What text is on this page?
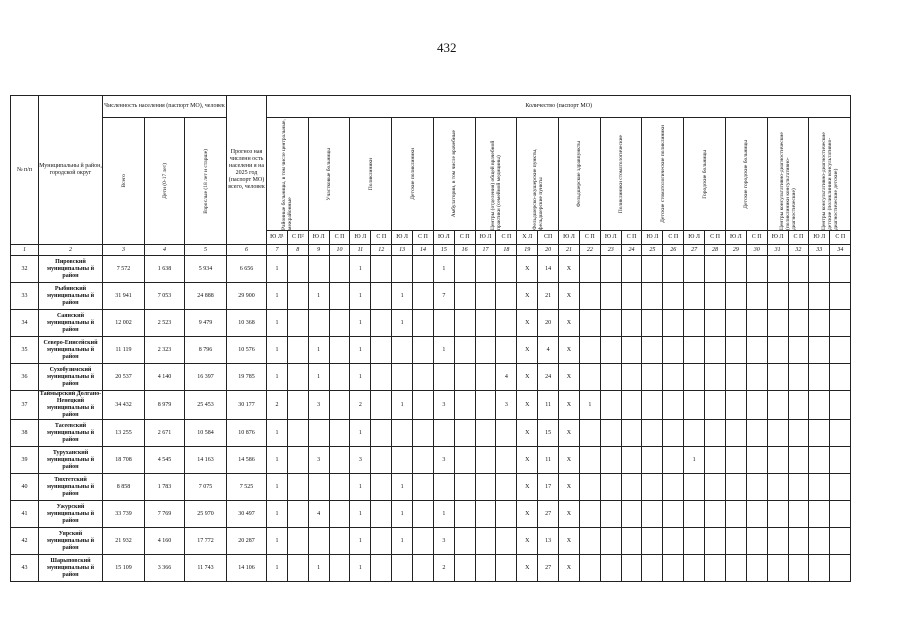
432
№ п/п	Муниципальны й район, городской округ	Численность населения (паспорт МО), человек			Прогноз ная численн ость населени я на 2025 год (паспорт МО) всего, человек	Количество (паспорт МО)																											

		Всего	Дети (0-17 лет)	Взрослые (18 лет и старше)		Районные больницы, в том числе центральные, межрайонные		Участковые больницы		Поликлиники		Детские поликлиники		Амбулатории, в том числе врачебные		Центры (отделения) общей врачебной практики (семейной медицины)		Фельдшерско-акушерские пункты, фельдшерские пункты		Фельдшерские здравпункты		Поликлиники стоматологические		Детские стоматологические поликлиники		Городские больницы		Детские городские больницы		Центры консультативно-диагностические (поликлиники консультативно-диагностические)		Центры консультативно-диагностические детские (поликлиники консультативно-диагностические детские)	

						Ю Л¹	С П²	Ю Л	С П	Ю Л	С П	Ю Л	С П	Ю Л	С П	Ю Л	С П	Х Л	СП	Ю Л	С П	Ю Л	С П	Ю Л	С П	Ю Л	С П	Ю Л	С П	Ю Л	С П	Ю Л	С П
1	2	3	4	5	6	7	8	9	10	11	12	13	14	15	16	17	18	19	20	21	22	23	24	25	26	27	28	29	30	31	32	33	34
32	Пировский муниципальны й район	7 572	1 638	5 934	6 656	1				1				1				Х	14	Х													
33	Рыбинский муниципальны й район	31 941	7 053	24 888	29 900	1		1		1		1		7				Х	21	Х													
34	Саянский муниципальны й район	12 002	2 523	9 479	10 368	1				1		1						Х	20	Х													
35	Северо-Енисейский муниципальны й район	11 119	2 323	8 796	10 576	1		1		1				1				Х	4	Х													
36	Сухобузимский муниципальны й район	20 537	4 140	16 397	19 785	1		1		1							4	Х	24	Х													
37	Таймырский Долгано-Ненецкий муниципальны й район	34 432	8 979	25 453	30 177	2		3		2		1		3			3	Х	11	Х	1												
38	Тасеевский муниципальны й район	13 255	2 671	10 584	10 876	1				1								Х	15	Х													
39	Туруханский муниципальны й район	18 708	4 545	14 163	14 586	1		3		3				3				Х	11	Х						1							
40	Тюхтетский муниципальны й район	8 858	1 783	7 075	7 525	1				1		1						Х	17	Х													
41	Ужурский муниципальны й район	33 739	7 769	25 970	30 497	1		4		1		1		1				Х	27	Х													
42	Уярский муниципальны й район	21 932	4 160	17 772	20 287	1				1		1		3				Х	13	Х													
43	Шарыповский муниципальны й район	15 109	3 366	11 743	14 106	1		1		1				2				Х	27	Х													
